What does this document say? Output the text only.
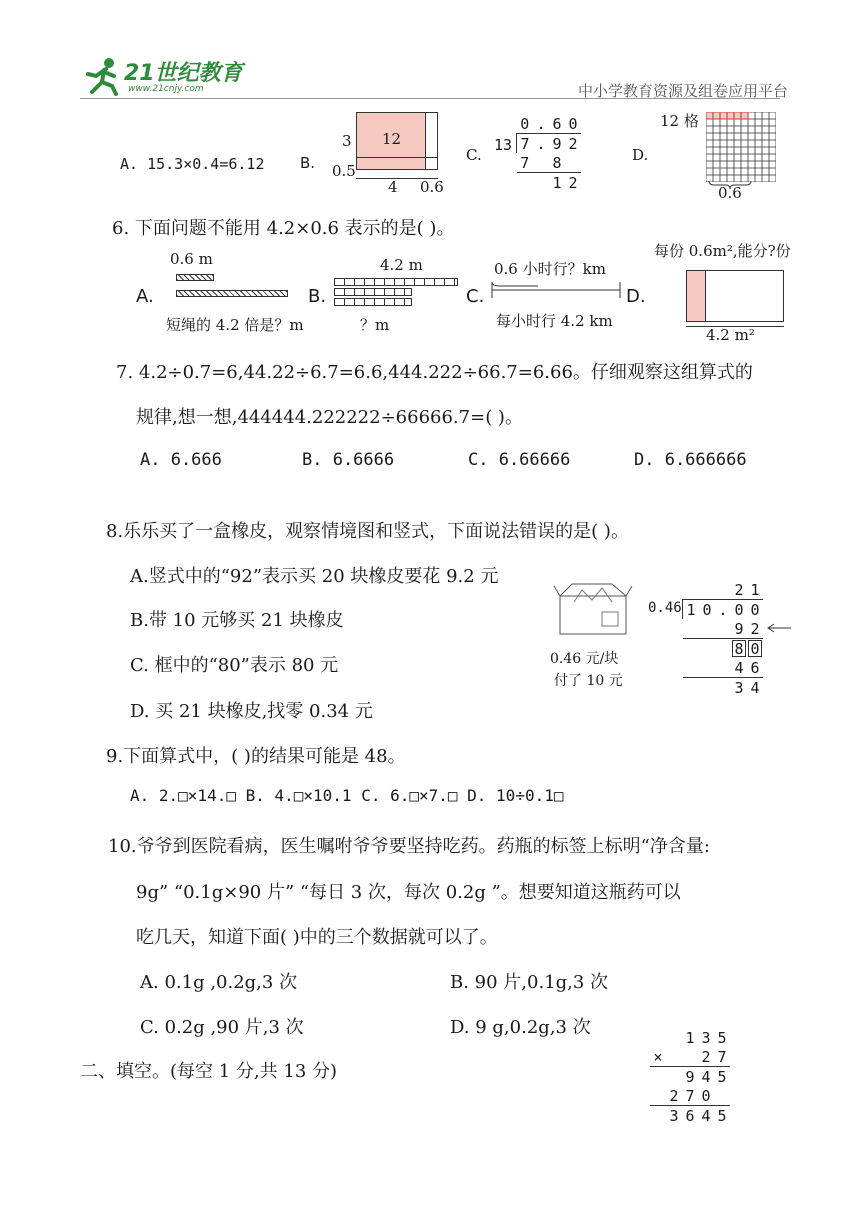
21世纪教育
www.21cnjy.com	中小学教育资源及组卷应用平台
A. 15.3×0.4=6.12 B.
3
0.5
12
4 0.6
C.
13
0	.	6	0
7	.	9	2
7		8	
		1	2
D.
12 格
0.6
6. 下面问题不能用 4.2×0.6 表示的是( )。
A.
0.6 m
短绳的 4.2 倍是？m
B.
4.2 m
？m
C.
0.6 小时行？km
每小时行 4.2 km
D.
每份 0.6m²,能分?份
4.2 m²
7. 4.2÷0.7=6,44.22÷6.7=6.6,444.222÷66.7=6.66。仔细观察这组算式的
规律,想一想,444444.222222÷66666.7=( )。
A. 6.666	B. 6.6666	C. 6.66666	D. 6.666666
8.乐乐买了一盒橡皮，观察情境图和竖式，下面说法错误的是( )。
A.竖式中的“92”表示买 20 块橡皮要花 9.2 元
B.带 10 元够买 21 块橡皮
C. 框中的“80”表示 80 元
D. 买 21 块橡皮,找零 0.34 元
0.46 元/块
付了 10 元
0.46
			2	1
1	0	.	0	0
			9	2
			8	0
			4	6
			3	4
9.下面算式中，( )的结果可能是 48。
A. 2.□×14.□ B. 4.□×10.1 C. 6.□×7.□ D. 10÷0.1□
10.爷爷到医院看病，医生嘱咐爷爷要坚持吃药。药瓶的标签上标明“净含量:
9g” “0.1g×90 片” “每日 3 次，每次 0.2g ”。想要知道这瓶药可以
吃几天，知道下面( )中的三个数据就可以了。
A. 0.1g ,0.2g,3 次	B. 90 片,0.1g,3 次
C. 0.2g ,90 片,3 次	D. 9 g,0.2g,3 次
二、填空。(每空 1 分,共 13 分)
		1	3	5
×			2	7
		9	4	5
	2	7	0	
	3	6	4	5
